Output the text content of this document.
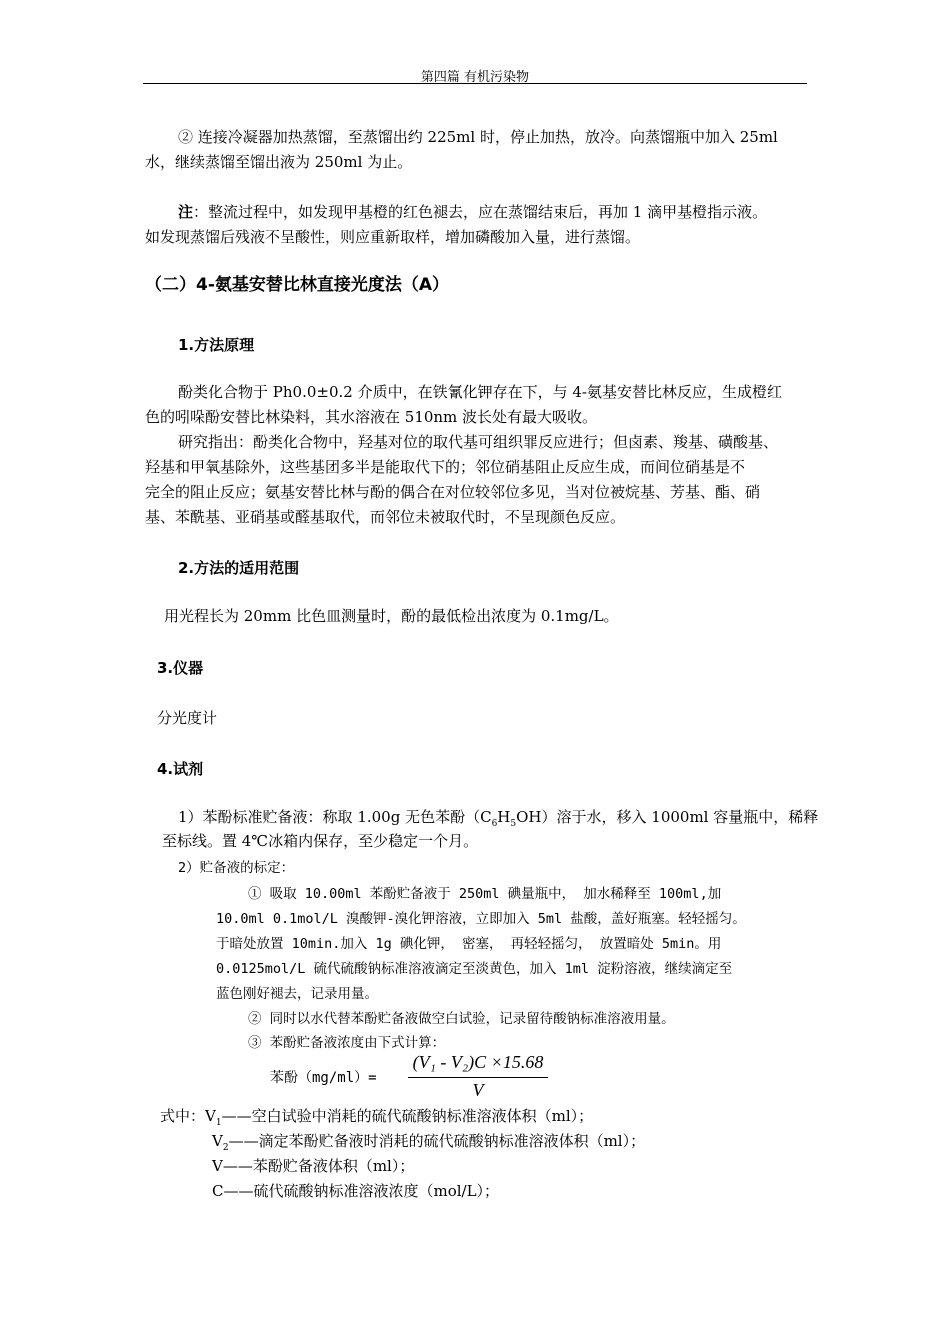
第四篇 有机污染物
② 连接冷凝器加热蒸馏，至蒸馏出约 225ml 时，停止加热，放冷。向蒸馏瓶中加入 25ml
水，继续蒸馏至馏出液为 250ml 为止。
注：整流过程中，如发现甲基橙的红色褪去，应在蒸馏结束后，再加 1 滴甲基橙指示液。
如发现蒸馏后残液不呈酸性，则应重新取样，增加磷酸加入量，进行蒸馏。
（二）4-氨基安替比林直接光度法（A）
1.方法原理
酚类化合物于 Ph0.0±0.2 介质中，在铁氰化钾存在下，与 4-氨基安替比林反应，生成橙红
色的吲哚酚安替比林染料，其水溶液在 510nm 波长处有最大吸收。
研究指出：酚类化合物中，羟基对位的取代基可组织罪反应进行；但卤素、羧基、磺酸基、
羟基和甲氧基除外，这些基团多半是能取代下的；邻位硝基阻止反应生成，而间位硝基是不
完全的阻止反应；氨基安替比林与酚的偶合在对位较邻位多见，当对位被烷基、芳基、酯、硝
基、苯酰基、亚硝基或醛基取代，而邻位未被取代时，不呈现颜色反应。
2.方法的适用范围
用光程长为 20mm 比色皿测量时，酚的最低检出浓度为 0.1mg/L。
3.仪器
分光度计
4.试剂
1）苯酚标准贮备液：称取 1.00g 无色苯酚$(C_6H_5OH)$溶于水，移入 1000ml 容量瓶中，稀释
至标线。置 4℃冰箱内保存，至少稳定一个月。
2）贮备液的标定：
① 吸取 10.00ml 苯酚贮备液于 250ml 碘量瓶中， 加水稀释至 100ml,加
10.0ml 0.1mol/L 溴酸钾-溴化钾溶液，立即加入 5ml 盐酸，盖好瓶塞。轻轻摇匀。
于暗处放置 10min.加入 1g 碘化钾， 密塞， 再轻轻摇匀， 放置暗处 5min。用
0.0125mol/L 硫代硫酸钠标准溶液滴定至淡黄色，加入 1ml 淀粉溶液，继续滴定至
蓝色刚好褪去，记录用量。
② 同时以水代替苯酚贮备液做空白试验，记录留待酸钠标准溶液用量。
③ 苯酚贮备液浓度由下式计算：
苯酚（mg/ml）=
(V₁ - V₂)C ×15.68
V
式中：$V_1——$空白试验中消耗的硫代硫酸钠标准溶液体积（ml）；
$V_2——$滴定苯酚贮备液时消耗的硫代硫酸钠标准溶液体积（ml）；
V——苯酚贮备液体积（ml）；
C——硫代硫酸钠标准溶液浓度（mol/L）；
